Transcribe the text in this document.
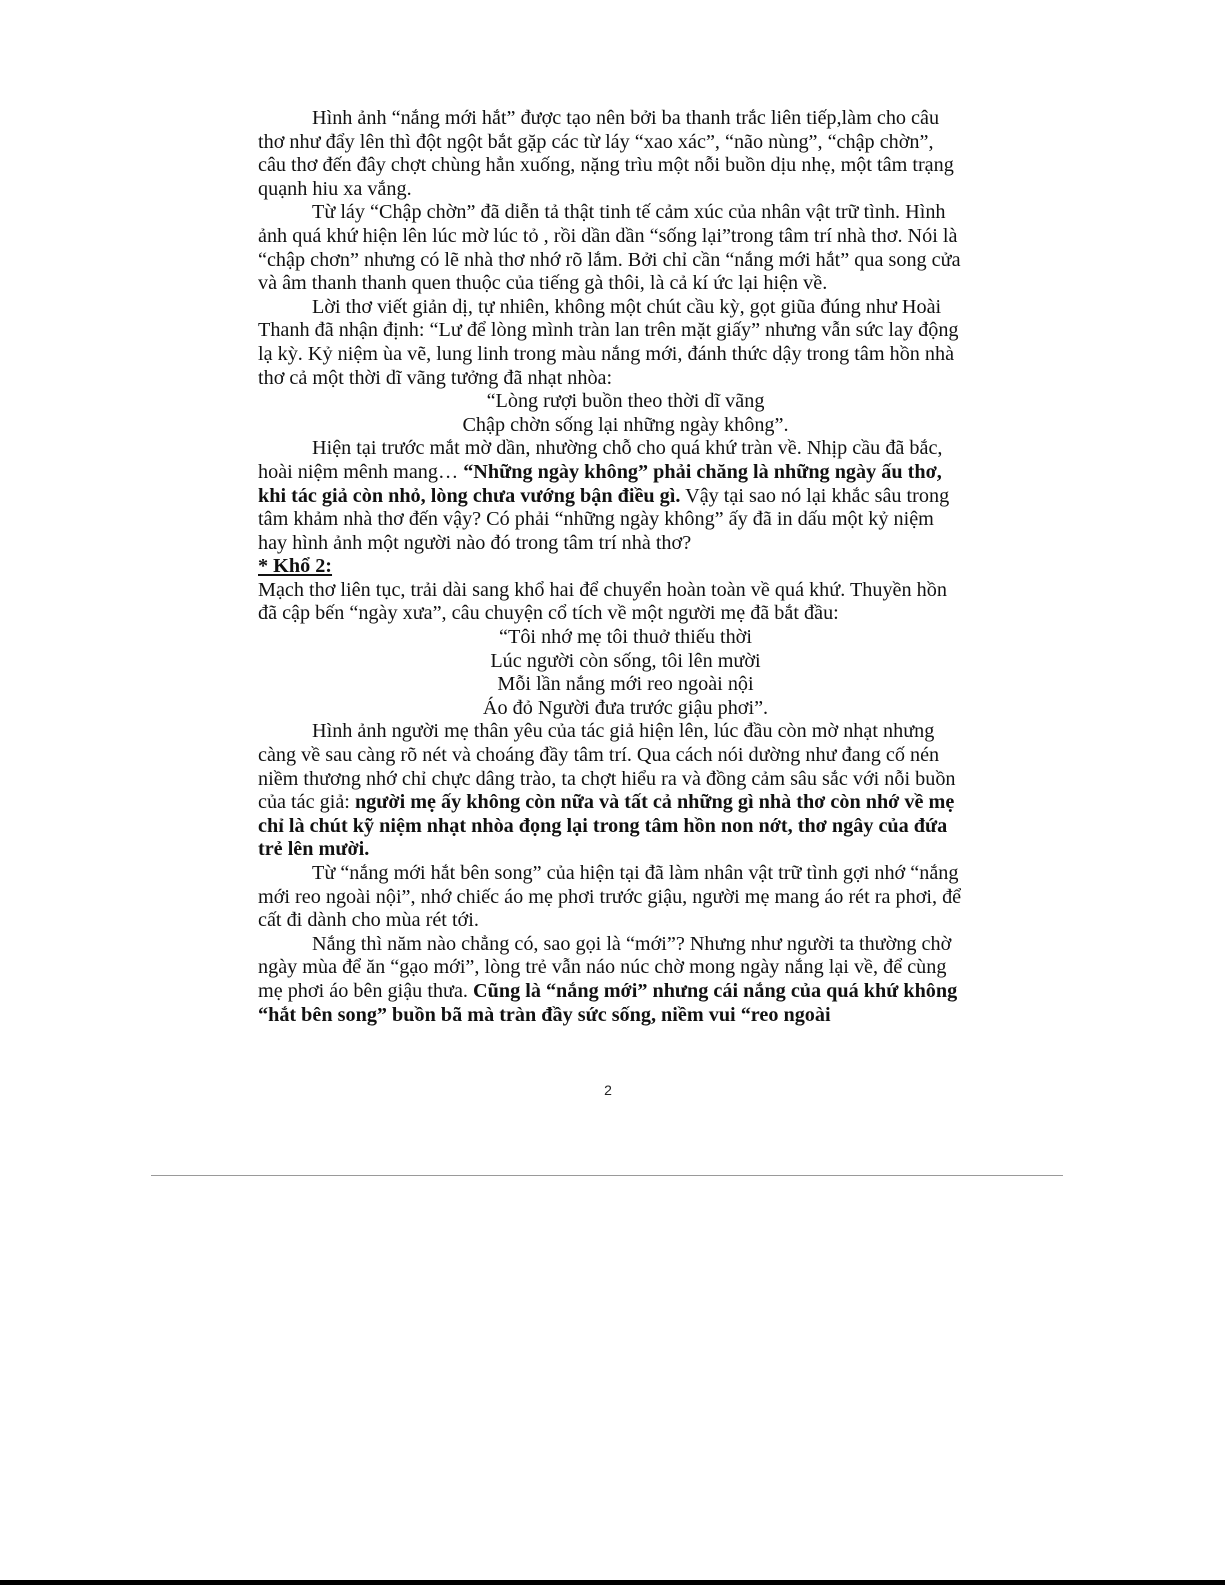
Hình ảnh “nắng mới hắt” được tạo nên bởi ba thanh trắc liên tiếp,làm cho câu thơ như đẩy lên thì đột ngột bắt gặp các từ láy “xao xác”, “não nùng”, “chập chờn”, câu thơ đến đây chợt chùng hẳn xuống, nặng trìu một nỗi buồn dịu nhẹ, một tâm trạng quạnh hiu xa vắng.

Từ láy “Chập chờn” đã diễn tả thật tinh tế cảm xúc của nhân vật trữ tình. Hình ảnh quá khứ hiện lên lúc mờ lúc tỏ , rồi dần dần “sống lại”trong tâm trí nhà thơ. Nói là “chập chơn” nhưng có lẽ nhà thơ nhớ rõ lắm. Bởi chỉ cần “nắng mới hắt” qua song cửa và âm thanh thanh quen thuộc của tiếng gà thôi, là cả kí ức lại hiện về.

Lời thơ viết giản dị, tự nhiên, không một chút cầu kỳ, gọt giũa đúng như Hoài Thanh đã nhận định: “Lư để lòng mình tràn lan trên mặt giấy” nhưng vẫn sức lay động lạ kỳ. Kỷ niệm ùa vẽ, lung linh trong màu nắng mới, đánh thức dậy trong tâm hồn nhà thơ cả một thời dĩ vãng tưởng đã nhạt nhòa:

“Lòng rượi buồn theo thời dĩ vãng

Chập chờn sống lại những ngày không”.

Hiện tại trước mắt mờ dần, nhường chỗ cho quá khứ tràn về. Nhịp cầu đã bắc, hoài niệm mênh mang… “Những ngày không” phải chăng là những ngày ấu thơ, khi tác giả còn nhỏ, lòng chưa vướng bận điều gì. Vậy tại sao nó lại khắc sâu trong tâm khảm nhà thơ đến vậy? Có phải “những ngày không” ấy đã in dấu một kỷ niệm hay hình ảnh một người nào đó trong tâm trí nhà thơ?

* Khổ 2:

Mạch thơ liên tục, trải dài sang khổ hai để chuyển hoàn toàn về quá khứ. Thuyền hồn đã cập bến “ngày xưa”, câu chuyện cổ tích về một người mẹ đã bắt đầu:

“Tôi nhớ mẹ tôi thuở thiếu thời

Lúc người còn sống, tôi lên mười

Mỗi lần nắng mới reo ngoài nội

Áo đỏ Người đưa trước giậu phơi”.

Hình ảnh người mẹ thân yêu của tác giả hiện lên, lúc đầu còn mờ nhạt nhưng càng về sau càng rõ nét và choáng đầy tâm trí. Qua cách nói dường như đang cố nén niềm thương nhớ chỉ chực dâng trào, ta chợt hiểu ra và đồng cảm sâu sắc với nỗi buồn của tác giả: người mẹ ấy không còn nữa và tất cả những gì nhà thơ còn nhớ về mẹ chỉ là chút kỹ niệm nhạt nhòa đọng lại trong tâm hồn non nớt, thơ ngây của đứa trẻ lên mười.

Từ “nắng mới hắt bên song” của hiện tại đã làm nhân vật trữ tình gợi nhớ “nắng mới reo ngoài nội”, nhớ chiếc áo mẹ phơi trước giậu, người mẹ mang áo rét ra phơi, để cất đi dành cho mùa rét tới.

Nắng thì năm nào chẳng có, sao gọi là “mới”? Nhưng như người ta thường chờ ngày mùa để ăn “gạo mới”, lòng trẻ vẫn náo núc chờ mong ngày nắng lại về, để cùng mẹ phơi áo bên giậu thưa. Cũng là “nắng mới” nhưng cái nắng của quá khứ không “hắt bên song” buồn bã mà tràn đầy sức sống, niềm vui “reo ngoài

2
